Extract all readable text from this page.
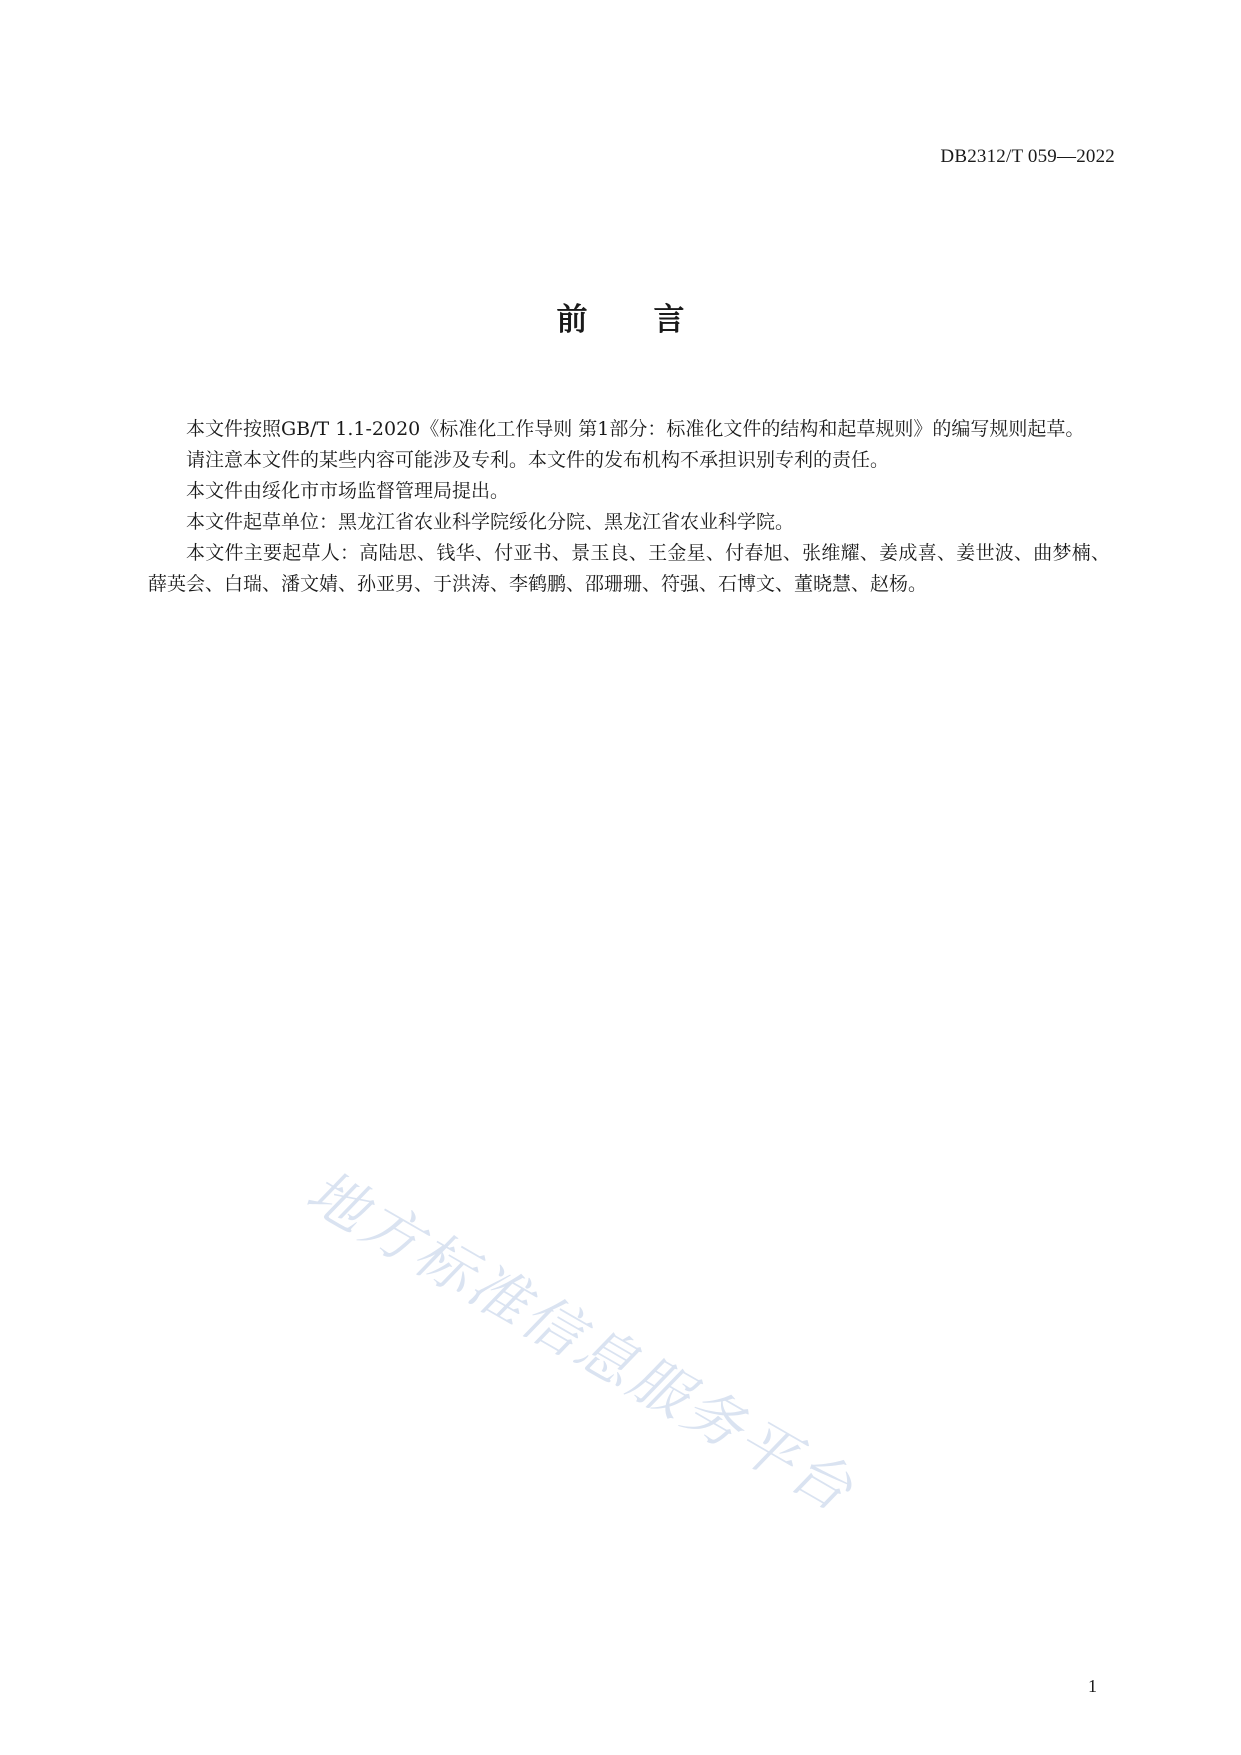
DB2312/T 059—2022
前 言

本文件按照GB/T 1.1-2020《标准化工作导则 第1部分：标准化文件的结构和起草规则》的编写规则起草。

请注意本文件的某些内容可能涉及专利。本文件的发布机构不承担识别专利的责任。

本文件由绥化市市场监督管理局提出。

本文件起草单位：黑龙江省农业科学院绥化分院、黑龙江省农业科学院。

本文件主要起草人：高陆思、钱华、付亚书、景玉良、王金星、付春旭、张维耀、姜成喜、姜世波、曲梦楠、薛英会、白瑞、潘文婧、孙亚男、于洪涛、李鹤鹏、邵珊珊、符强、石博文、董晓慧、赵杨。

地方标准信息服务平台
1
